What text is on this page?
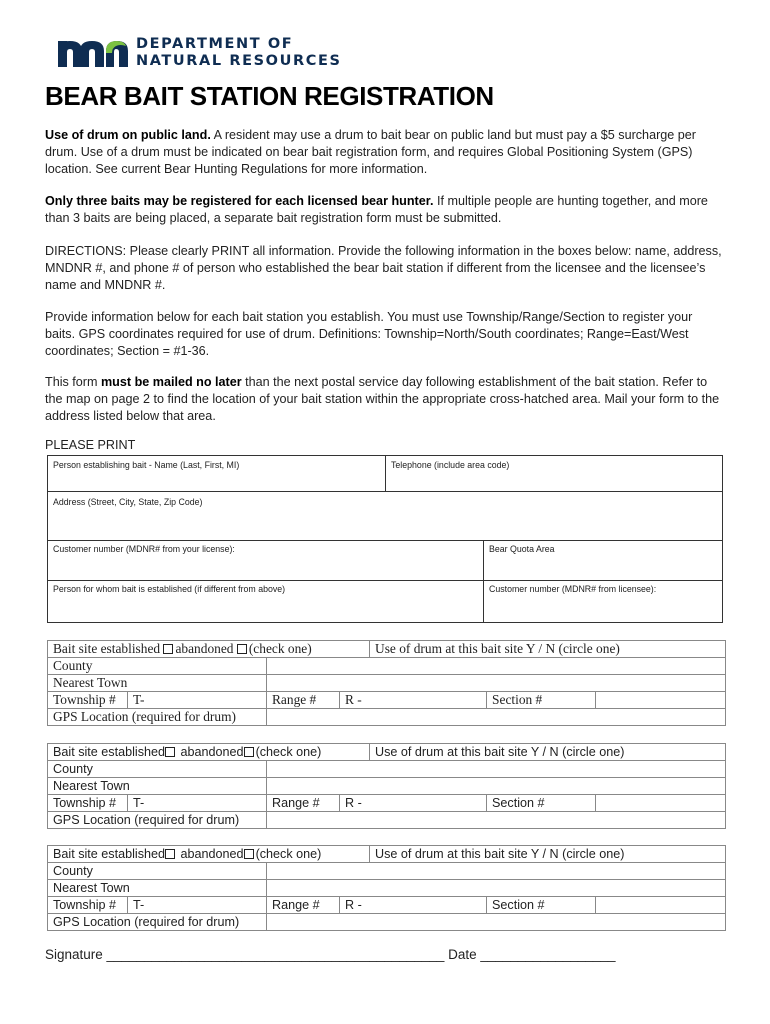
DEPARTMENT OF
NATURAL RESOURCES
BEAR BAIT STATION REGISTRATION
Use of drum on public land. A resident may use a drum to bait bear on public land but must pay a $5 surcharge per drum. Use of a drum must be indicated on bear bait registration form, and requires Global Positioning System (GPS) location. See current Bear Hunting Regulations for more information.
Only three baits may be registered for each licensed bear hunter. If multiple people are hunting together, and more than 3 baits are being placed, a separate bait registration form must be submitted.
DIRECTIONS: Please clearly PRINT all information. Provide the following information in the boxes below: name, address, MNDNR #, and phone # of person who established the bear bait station if different from the licensee and the licensee’s name and MNDNR #.
Provide information below for each bait station you establish. You must use Township/Range/Section to register your baits. GPS coordinates required for use of drum. Definitions: Township=North/South coordinates; Range=East/West coordinates; Section = #1-36.
This form must be mailed no later than the next postal service day following establishment of the bait station. Refer to the map on page 2 to find the location of your bait station within the appropriate cross-hatched area. Mail your form to the address listed below that area.
PLEASE PRINT
Person establishing bait - Name (Last, First, MI)	Telephone (include area code)
Address (Street, City, State, Zip Code)
Customer number (MDNR# from your license):	Bear Quota Area
Person for whom bait is established (if different from above)	Customer number (MDNR# from licensee):
Bait site established abandoned (check one)				Use of drum at this bait site Y / N (circle one)		
County						
Nearest Town						
Township #	T-	Range #	R -		Section #	
GPS Location (required for drum)						
Bait site established abandoned (check one)				Use of drum at this bait site Y / N (circle one)		
County						
Nearest Town						
Township #	T-	Range #	R -		Section #	
GPS Location (required for drum)						
Bait site established abandoned (check one)				Use of drum at this bait site Y / N (circle one)		
County						
Nearest Town						
Township #	T-	Range #	R -		Section #	
GPS Location (required for drum)						
Signature _____________________________________________ Date __________________
